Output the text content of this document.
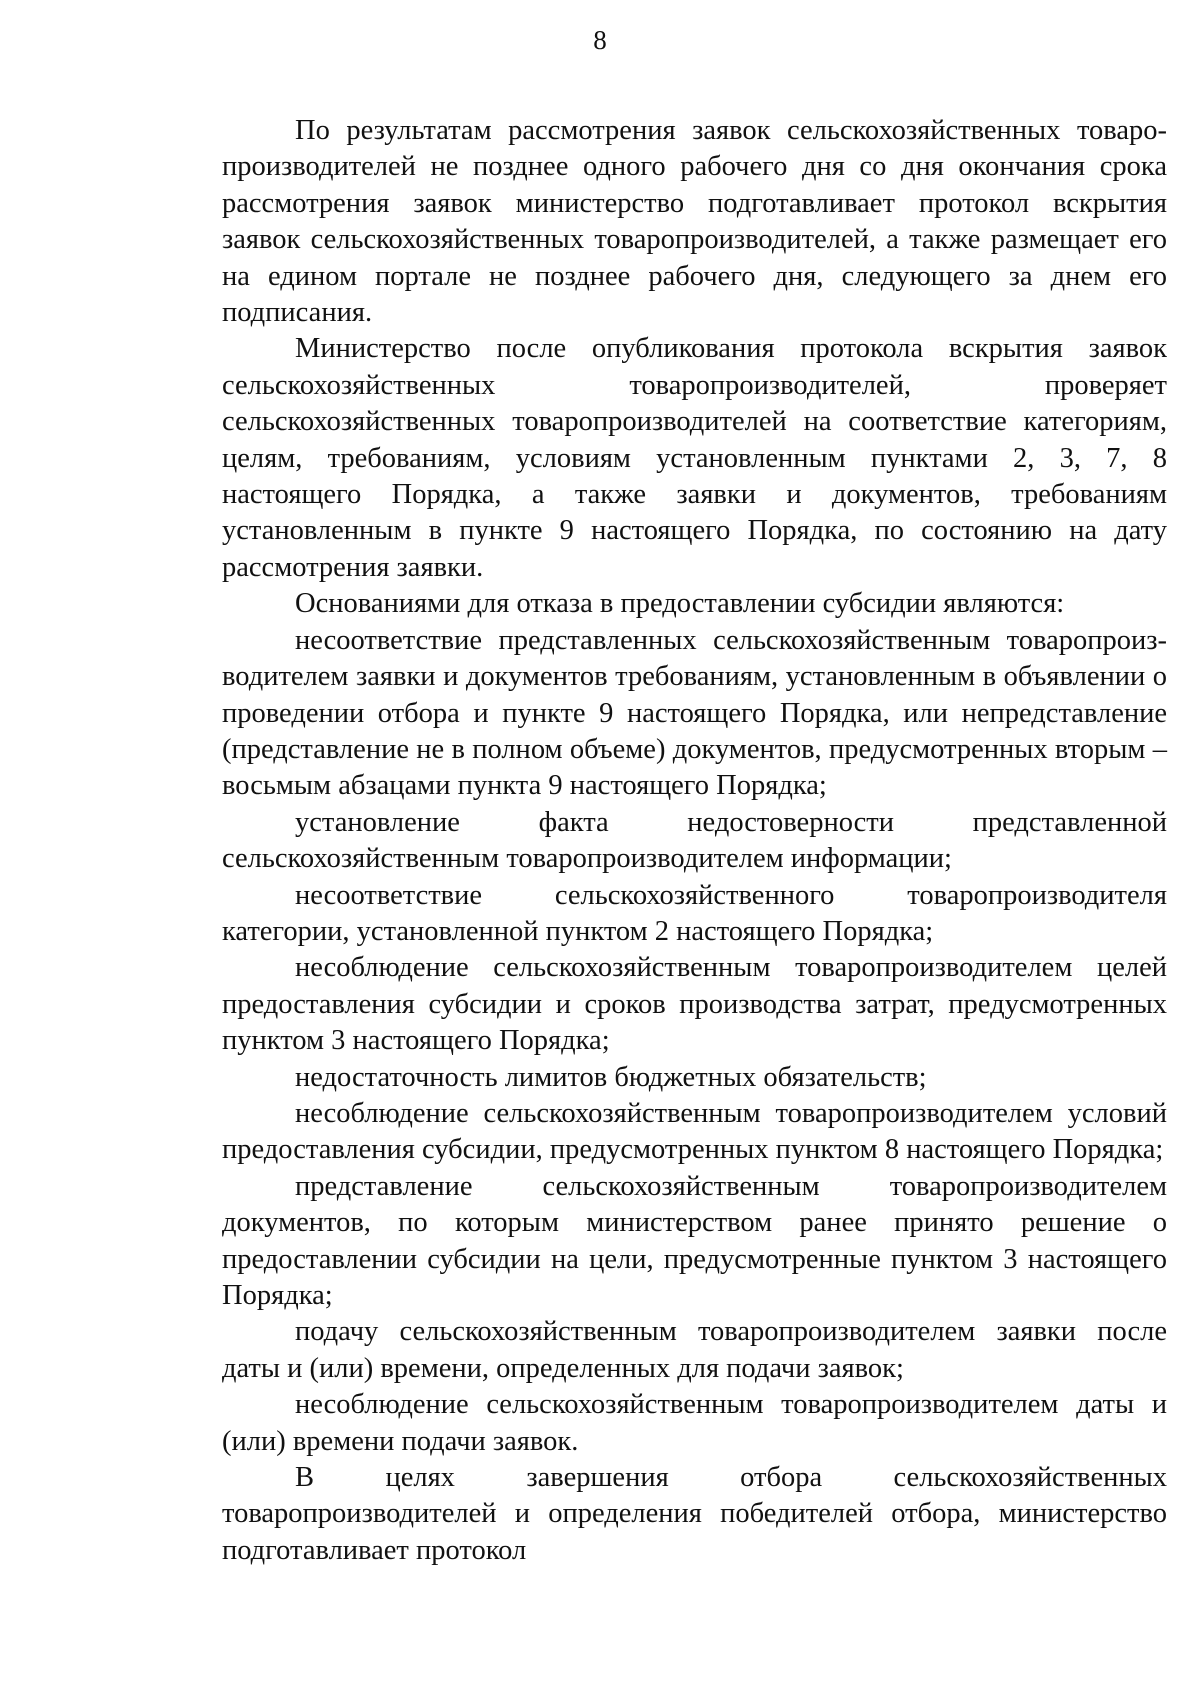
8

По результатам рассмотрения заявок сельскохозяйственных товаро-производителей не позднее одного рабочего дня со дня окончания срока рассмотрения заявок министерство подготавливает протокол вскрытия заявок сельскохозяйственных товаропроизводителей, а также размещает его на едином портале не позднее рабочего дня, следующего за днем его подписания.

Министерство после опубликования протокола вскрытия заявок сельскохозяйственных товаропроизводителей, проверяет сельскохозяйственных товаропроизводителей на соответствие категориям, целям, требованиям, условиям установленным пунктами 2, 3, 7, 8 настоящего Порядка, а также заявки и документов, требованиям установленным в пункте 9 настоящего Порядка, по состоянию на дату рассмотрения заявки.

Основаниями для отказа в предоставлении субсидии являются:

несоответствие представленных сельскохозяйственным товаропроиз-водителем заявки и документов требованиям, установленным в объявлении о проведении отбора и пункте 9 настоящего Порядка, или непредставление (представление не в полном объеме) документов, предусмотренных вторым – восьмым абзацами пункта 9 настоящего Порядка;

установление факта недостоверности представленной сельскохозяйственным товаропроизводителем информации;

несоответствие сельскохозяйственного товаропроизводителя категории, установленной пунктом 2 настоящего Порядка;

несоблюдение сельскохозяйственным товаропроизводителем целей предоставления субсидии и сроков производства затрат, предусмотренных пунктом 3 настоящего Порядка;

недостаточность лимитов бюджетных обязательств;

несоблюдение сельскохозяйственным товаропроизводителем условий предоставления субсидии, предусмотренных пунктом 8 настоящего Порядка;

представление сельскохозяйственным товаропроизводителем документов, по которым министерством ранее принято решение о предоставлении субсидии на цели, предусмотренные пунктом 3 настоящего Порядка;

подачу сельскохозяйственным товаропроизводителем заявки после даты и (или) времени, определенных для подачи заявок;

несоблюдение сельскохозяйственным товаропроизводителем даты и (или) времени подачи заявок.

В целях завершения отбора сельскохозяйственных товаропроизводителей и определения победителей отбора, министерство подготавливает протокол
